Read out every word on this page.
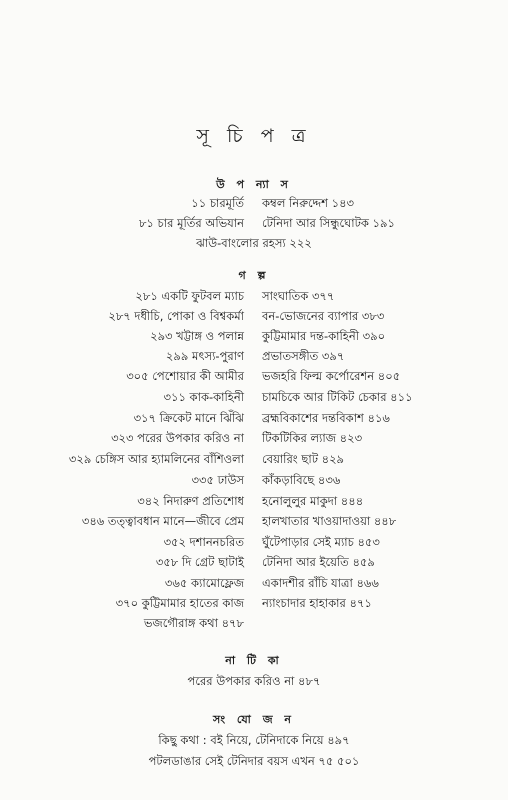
সূ চি প ত্র
উ প ন্যা স
১১ চারমূর্তি কম্বল নিরুদ্দেশ ১৪৩
৮১ চার মূর্তির অভিযান টেনিদা আর সিন্ধুঘোটক ১৯১
ঝাউ-বাংলোর রহস্য ২২২
গ ল্প
২৮১ একটি ফুটবল ম্যাচ সাংঘাতিক ৩৭৭
২৮৭ দধীচি, পোকা ও বিশ্বকর্মা বন-ভোজনের ব্যাপার ৩৮৩
২৯৩ খট্টাঙ্গ ও পলান্ন কুট্টিমামার দন্ত-কাহিনী ৩৯০
২৯৯ মৎস্য-পুরাণ প্রভাতসঙ্গীত ৩৯৭
৩০৫ পেশোয়ার কী আমীর ভজহরি ফিল্ম কর্পোরেশন ৪০৫
৩১১ কাক-কাহিনী চামচিকে আর টিকিট চেকার ৪১১
৩১৭ ক্রিকেট মানে ঝিঁঝি ব্রহ্মবিকাশের দন্তবিকাশ ৪১৬
৩২৩ পরের উপকার করিও না টিকটিকির ল্যাজ ৪২৩
৩২৯ চেঙ্গিস আর হ্যামলিনের বাঁশিওলা বেয়ারিং ছাট ৪২৯
৩৩৫ ঢাউস কাঁকড়াবিছে ৪৩৬
৩৪২ নিদারুণ প্রতিশোধ হনোলুলুর মাকুদা ৪৪৪
৩৪৬ তত্ত্বাবধান মানে—জীবে প্রেম হালখাতার খাওয়াদাওয়া ৪৪৮
৩৫২ দশাননচরিত ঘুঁটেপাড়ার সেই ম্যাচ ৪৫৩
৩৫৮ দি গ্রেট ছাটাই টেনিদা আর ইয়েতি ৪৫৯
৩৬৫ ক্যামোফ্লেজ একাদশীর রাঁচি যাত্রা ৪৬৬
৩৭০ কুট্টিমামার হাতের কাজ ন্যাংচাদার হাহাকার ৪৭১
ভজগৌরাঙ্গ কথা ৪৭৮
না টি কা
পরের উপকার করিও না ৪৮৭
সং যো জ ন
কিছু কথা : বই নিয়ে, টেনিদাকে নিয়ে ৪৯৭
পটলডাঙার সেই টেনিদার বয়স এখন ৭৫ ৫০১
